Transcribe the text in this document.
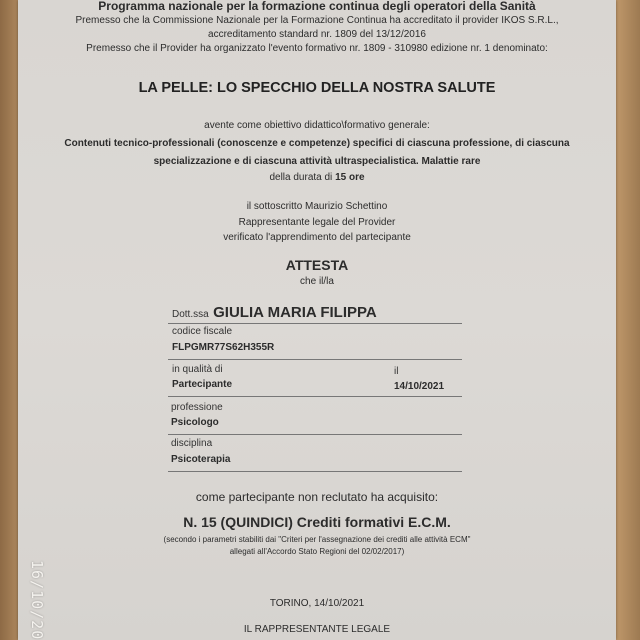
Programma nazionale per la formazione continua degli operatori della Sanità
Premesso che la Commissione Nazionale per la Formazione Continua ha accreditato il provider IKOS S.R.L.,
accreditamento standard nr. 1809 del 13/12/2016
Premesso che il Provider ha organizzato l'evento formativo nr. 1809 - 310980 edizione nr. 1 denominato:
LA PELLE: LO SPECCHIO DELLA NOSTRA SALUTE
avente come obiettivo didattico\formativo generale:
Contenuti tecnico-professionali (conoscenze e competenze) specifici di ciascuna professione, di ciascuna
specializzazione e di ciascuna attività ultraspecialistica. Malattie rare
della durata di 15 ore
il sottoscritto Maurizio Schettino
Rappresentante legale del Provider
verificato l'apprendimento del partecipante
ATTESTA
che il/la
Dott.ssa GIULIA MARIA FILIPPA
codice fiscale
FLPGMR77S62H355R
in qualità di	il
Partecipante	14/10/2021
professione
Psicologo
disciplina
Psicoterapia
come partecipante non reclutato ha acquisito:
N. 15 (QUINDICI) Crediti formativi E.C.M.
(secondo i parametri stabiliti dai "Criteri per l'assegnazione dei crediti alle attività ECM"
allegati all'Accordo Stato Regioni del 02/02/2017)
TORINO, 14/10/2021
IL RAPPRESENTANTE LEGALE
16/10/20
